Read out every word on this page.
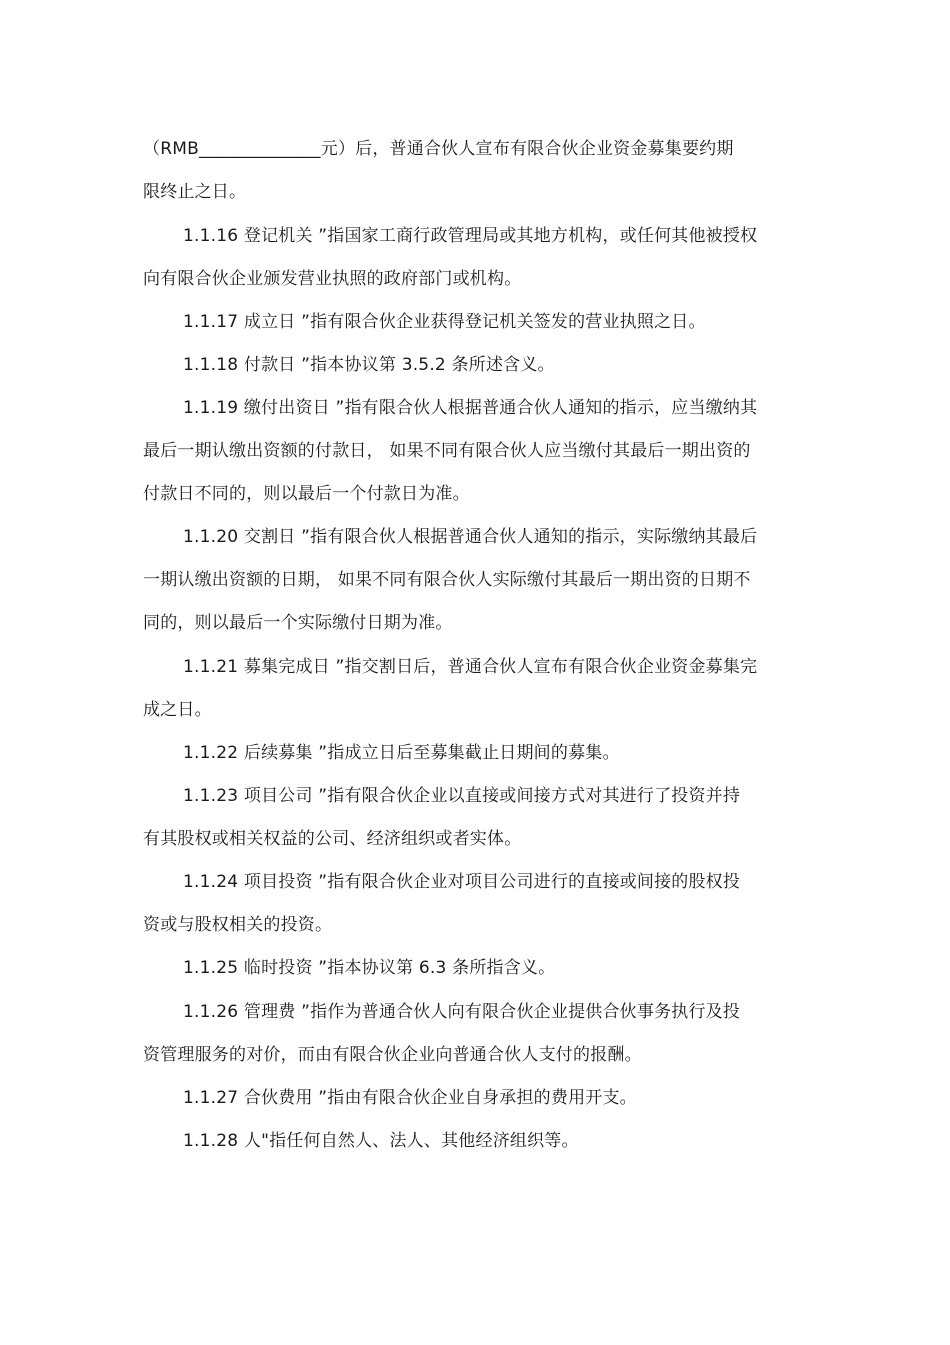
（RMB______________元）后，普通合伙人宣布有限合伙企业资金募集要约期
限终止之日。
1.1.16 登记机关 ”指国家工商行政管理局或其地方机构，或任何其他被授权
向有限合伙企业颁发营业执照的政府部门或机构。
1.1.17 成立日 ”指有限合伙企业获得登记机关签发的营业执照之日。
1.1.18 付款日 ”指本协议第 3.5.2 条所述含义。
1.1.19 缴付出资日 ”指有限合伙人根据普通合伙人通知的指示，应当缴纳其
最后一期认缴出资额的付款日， 如果不同有限合伙人应当缴付其最后一期出资的
付款日不同的，则以最后一个付款日为准。
1.1.20 交割日 ”指有限合伙人根据普通合伙人通知的指示，实际缴纳其最后
一期认缴出资额的日期， 如果不同有限合伙人实际缴付其最后一期出资的日期不
同的，则以最后一个实际缴付日期为准。
1.1.21 募集完成日 ”指交割日后，普通合伙人宣布有限合伙企业资金募集完
成之日。
1.1.22 后续募集 ”指成立日后至募集截止日期间的募集。
1.1.23 项目公司 ”指有限合伙企业以直接或间接方式对其进行了投资并持
有其股权或相关权益的公司、经济组织或者实体。
1.1.24 项目投资 ”指有限合伙企业对项目公司进行的直接或间接的股权投
资或与股权相关的投资。
1.1.25 临时投资 ”指本协议第 6.3 条所指含义。
1.1.26 管理费 ”指作为普通合伙人向有限合伙企业提供合伙事务执行及投
资管理服务的对价，而由有限合伙企业向普通合伙人支付的报酬。
1.1.27 合伙费用 ”指由有限合伙企业自身承担的费用开支。
1.1.28 人"指任何自然人、法人、其他经济组织等。
